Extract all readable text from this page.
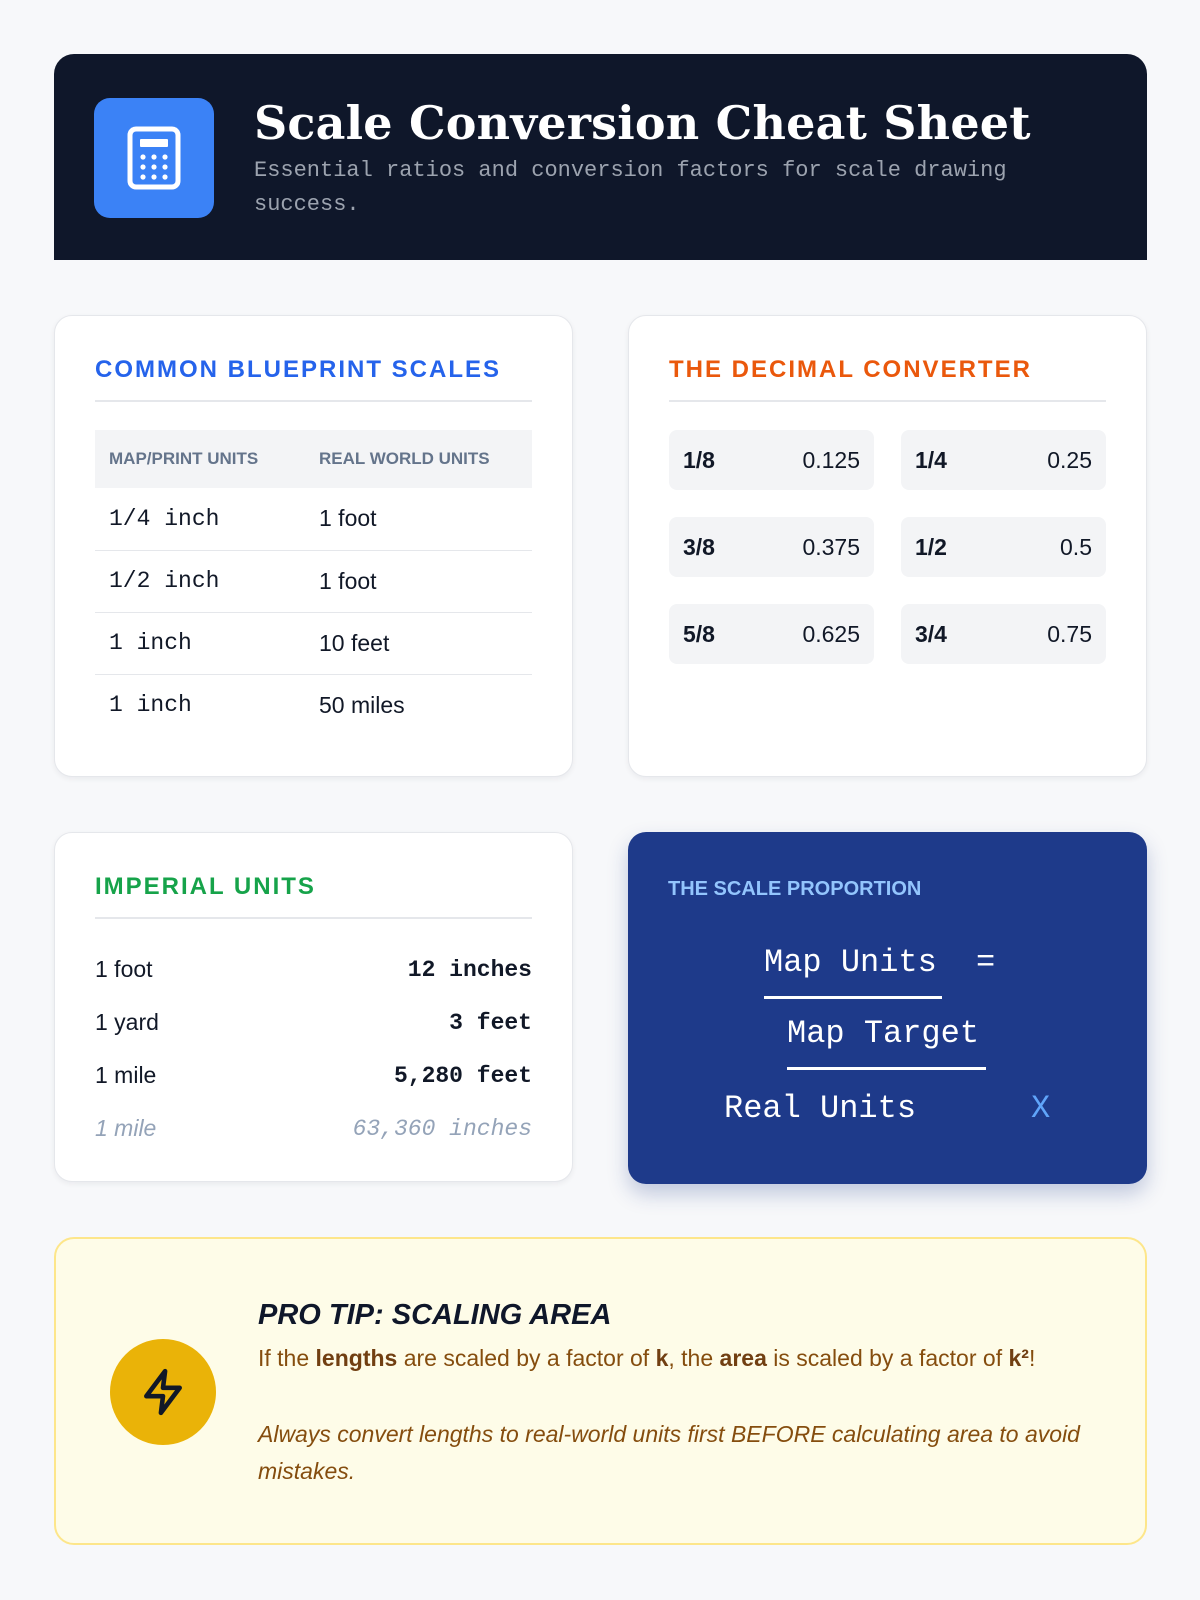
Scale Conversion Cheat Sheet
Essential ratios and conversion factors for scale drawing success.
COMMON BLUEPRINT SCALES
MAP/PRINT UNITS	REAL WORLD UNITS
1/4 inch	1 foot
1/2 inch	1 foot
1 inch	10 feet
1 inch	50 miles
THE DECIMAL CONVERTER
1/8	0.125 1/4	0.25
3/8	0.375 1/2	0.5
5/8	0.625 3/4	0.75
IMPERIAL UNITS
1 foot	12 inches
1 yard	3 feet
1 mile	5,280 feet
1 mile	63,360 inches
THE SCALE PROPORTION
Map Units =
Map Target
Real Units	X
PRO TIP: SCALING AREA
If the lengths are scaled by a factor of k, the area is scaled by a factor of k²!
Always convert lengths to real-world units first BEFORE calculating area to avoid mistakes.
